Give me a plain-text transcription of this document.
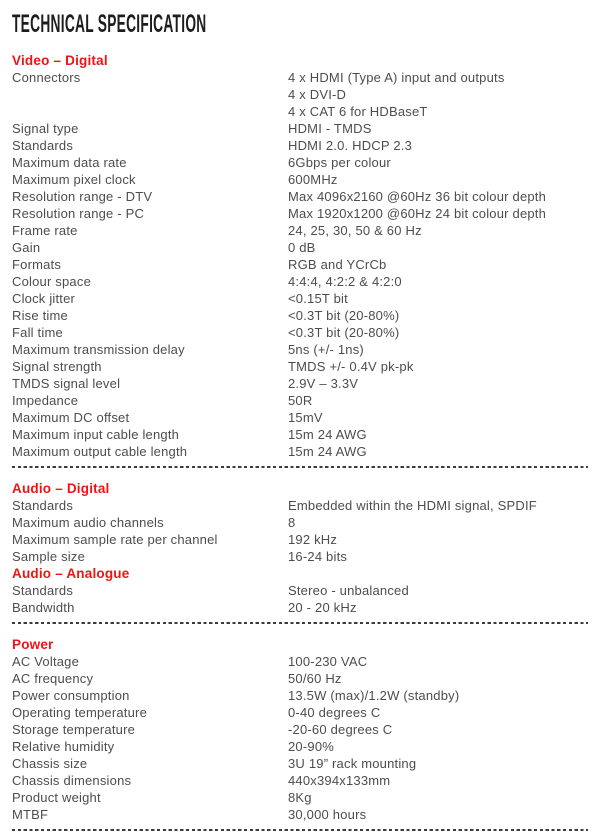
TECHNICAL SPECIFICATION
Video – Digital
Connectors	4 x HDMI (Type A) input and outputs
4 x DVI-D
4 x CAT 6 for HDBaseT
Signal type	HDMI - TMDS
Standards	HDMI 2.0. HDCP 2.3
Maximum data rate	6Gbps per colour
Maximum pixel clock	600MHz
Resolution range - DTV	Max 4096x2160 @60Hz 36 bit colour depth
Resolution range - PC	Max 1920x1200 @60Hz 24 bit colour depth
Frame rate	24, 25, 30, 50 & 60 Hz
Gain	0 dB
Formats	RGB and YCrCb
Colour space	4:4:4, 4:2:2 & 4:2:0
Clock jitter	<0.15T bit
Rise time	<0.3T bit (20-80%)
Fall time	<0.3T bit (20-80%)
Maximum transmission delay	5ns (+/- 1ns)
Signal strength	TMDS +/- 0.4V pk-pk
TMDS signal level	2.9V – 3.3V
Impedance	50R
Maximum DC offset	15mV
Maximum input cable length	15m 24 AWG
Maximum output cable length	15m 24 AWG
Audio – Digital
Standards	Embedded within the HDMI signal, SPDIF
Maximum audio channels	8
Maximum sample rate per channel	192 kHz
Sample size	16-24 bits
Audio – Analogue
Standards	Stereo - unbalanced
Bandwidth	20 - 20 kHz
Power
AC Voltage	100-230 VAC
AC frequency	50/60 Hz
Power consumption	13.5W (max)/1.2W (standby)
Operating temperature	0-40 degrees C
Storage temperature	-20-60 degrees C
Relative humidity	20-90%
Chassis size	3U 19” rack mounting
Chassis dimensions	440x394x133mm
Product weight	8Kg
MTBF	30,000 hours
